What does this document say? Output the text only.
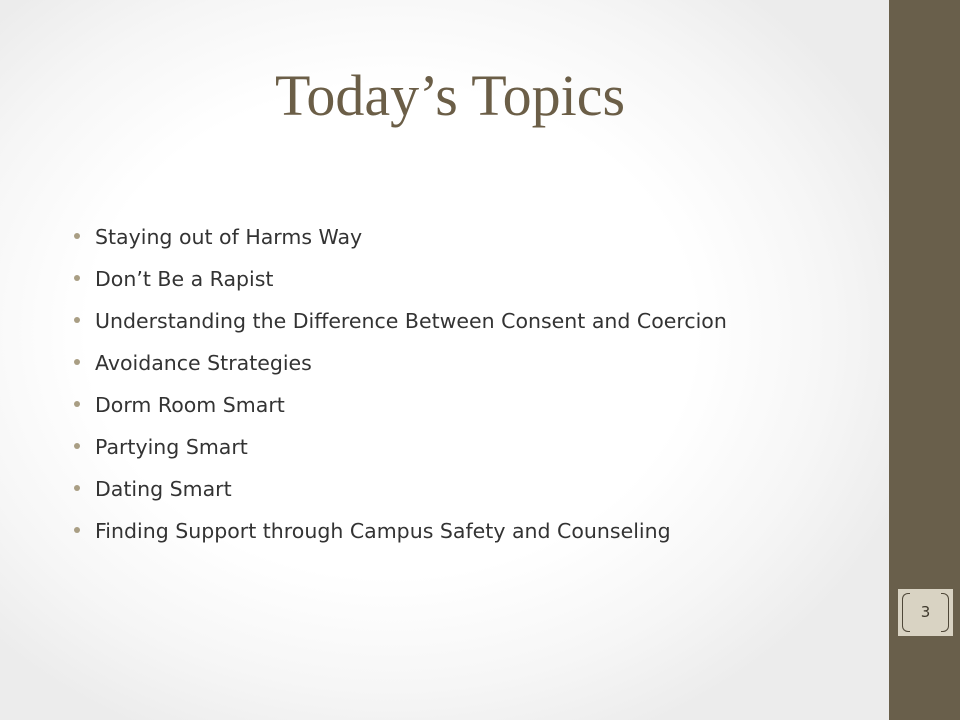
Today’s Topics
Staying out of Harms Way
Don’t Be a Rapist
Understanding the Difference Between Consent and Coercion
Avoidance Strategies
Dorm Room Smart
Partying Smart
Dating Smart
Finding Support through Campus Safety and Counseling
3
